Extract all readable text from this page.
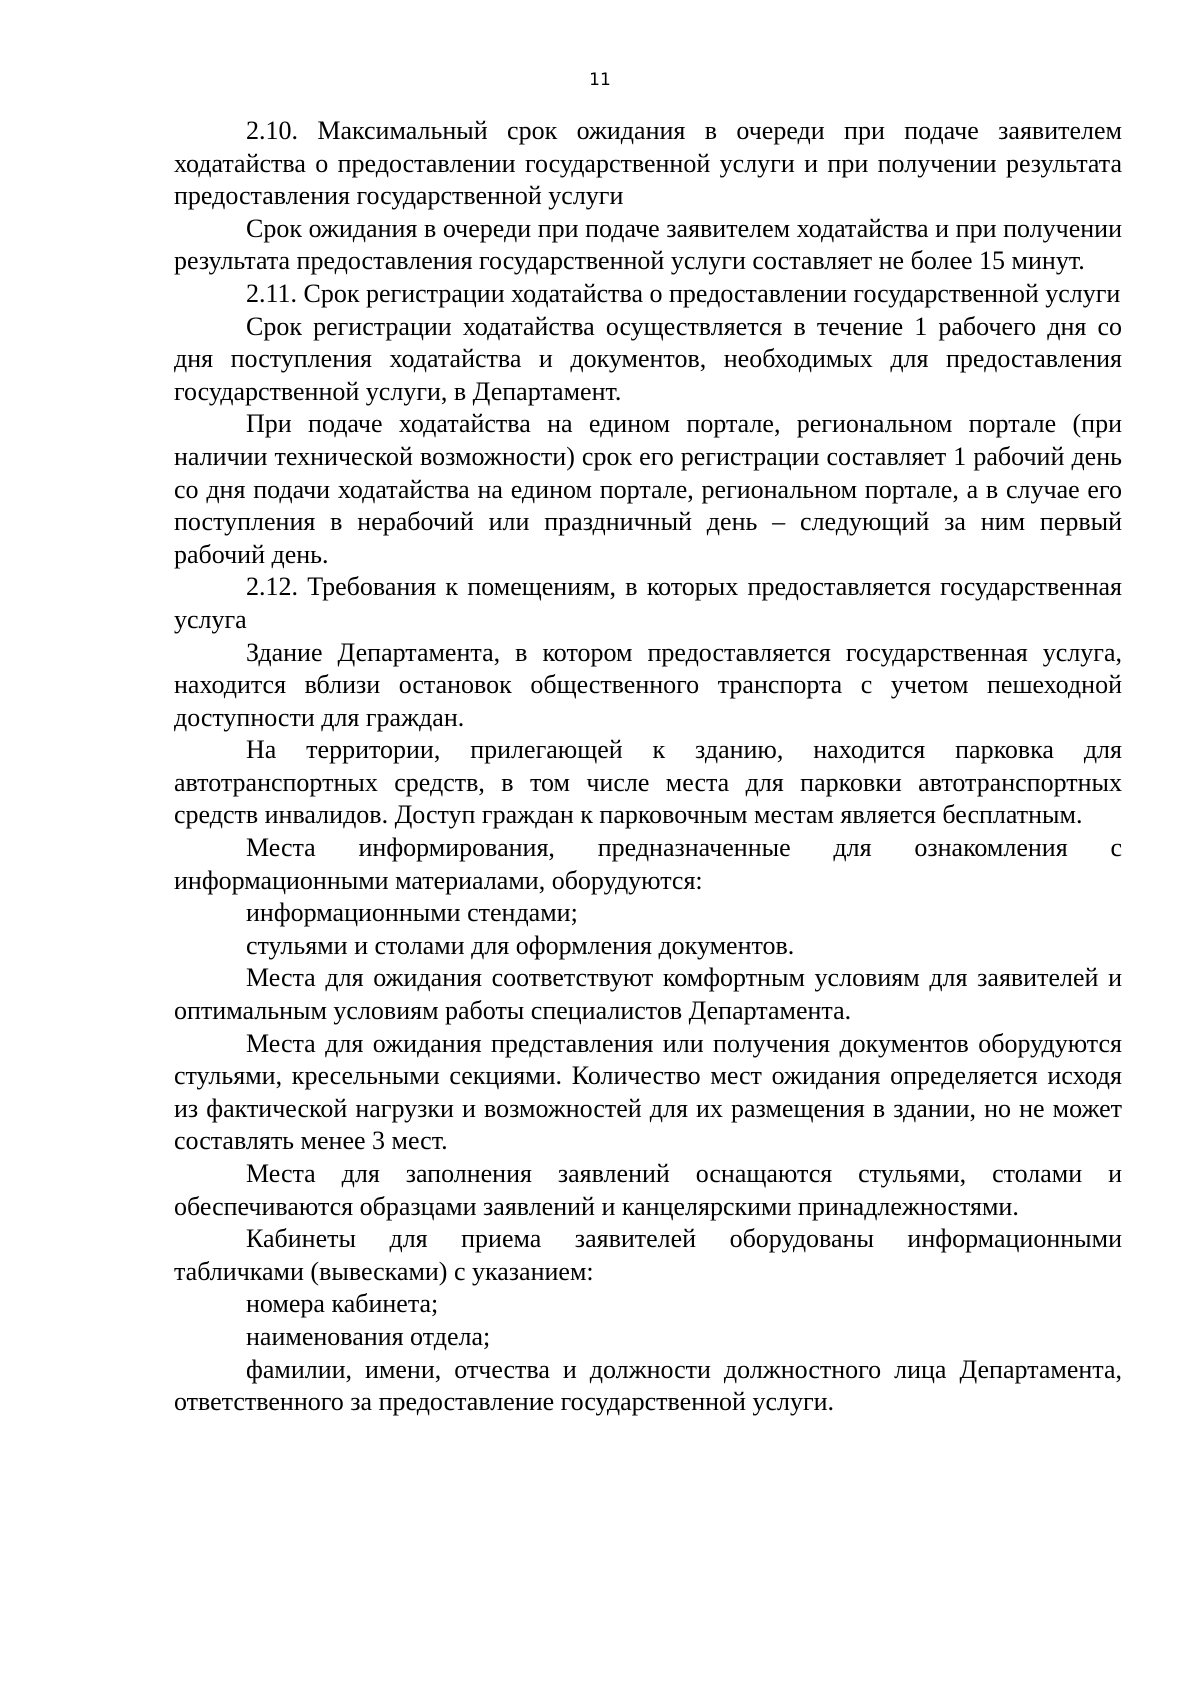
11

2.10. Максимальный срок ожидания в очереди при подаче заявителем ходатайства о предоставлении государственной услуги и при получении результата предоставления государственной услуги

Срок ожидания в очереди при подаче заявителем ходатайства и при получении результата предоставления государственной услуги составляет не более 15 минут.

2.11. Срок регистрации ходатайства о предоставлении государственной услуги

Срок регистрации ходатайства осуществляется в течение 1 рабочего дня со дня поступления ходатайства и документов, необходимых для предоставления государственной услуги, в Департамент.

При подаче ходатайства на едином портале, региональном портале (при наличии технической возможности) срок его регистрации составляет 1 рабочий день со дня подачи ходатайства на едином портале, региональном портале, а в случае его поступления в нерабочий или праздничный день – следующий за ним первый рабочий день.

2.12. Требования к помещениям, в которых предоставляется государственная услуга

Здание Департамента, в котором предоставляется государственная услуга, находится вблизи остановок общественного транспорта с учетом пешеходной доступности для граждан.

На территории, прилегающей к зданию, находится парковка для автотранспортных средств, в том числе места для парковки автотранспортных средств инвалидов. Доступ граждан к парковочным местам является бесплатным.

Места информирования, предназначенные для ознакомления с информационными материалами, оборудуются:

информационными стендами;

стульями и столами для оформления документов.

Места для ожидания соответствуют комфортным условиям для заявителей и оптимальным условиям работы специалистов Департамента.

Места для ожидания представления или получения документов оборудуются стульями, кресельными секциями. Количество мест ожидания определяется исходя из фактической нагрузки и возможностей для их размещения в здании, но не может составлять менее 3 мест.

Места для заполнения заявлений оснащаются стульями, столами и обеспечиваются образцами заявлений и канцелярскими принадлежностями.

Кабинеты для приема заявителей оборудованы информационными табличками (вывесками) с указанием:

номера кабинета;

наименования отдела;

фамилии, имени, отчества и должности должностного лица Департамента, ответственного за предоставление государственной услуги.
